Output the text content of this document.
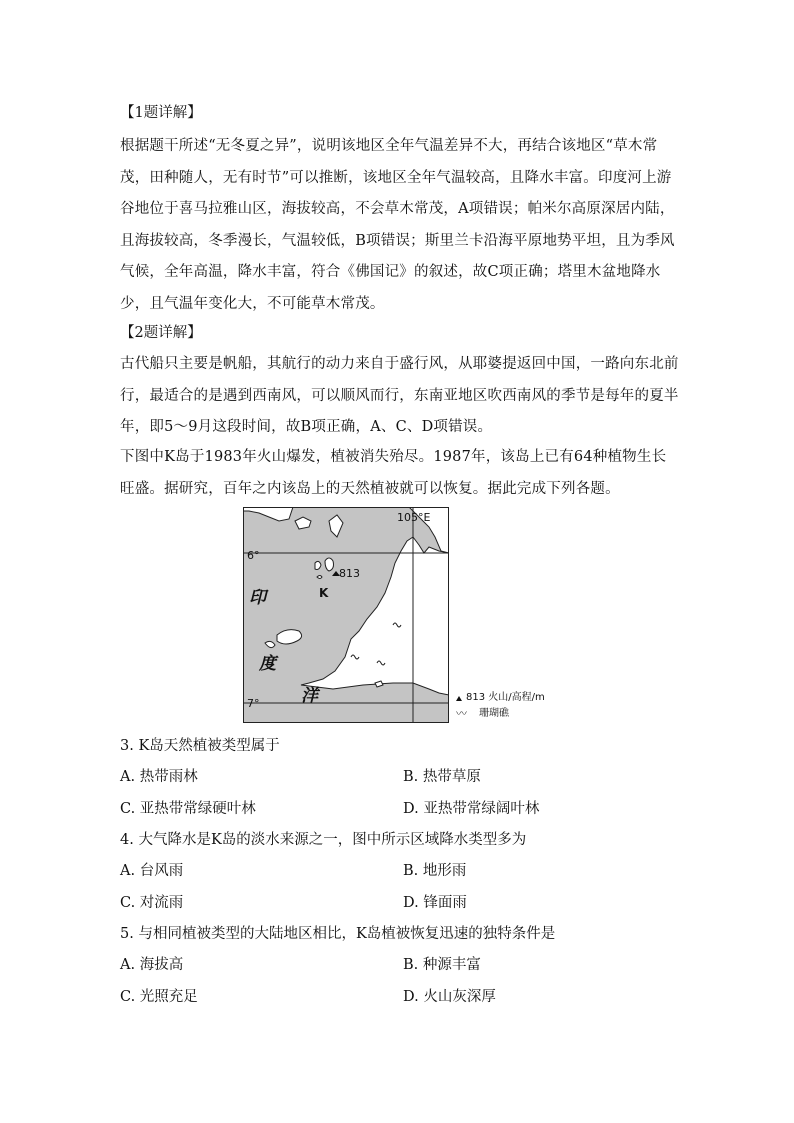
【1题详解】
根据题干所述“无冬夏之异”，说明该地区全年气温差异不大，再结合该地区“草木常茂，田种随人，无有时节”可以推断，该地区全年气温较高，且降水丰富。印度河上游谷地位于喜马拉雅山区，海拔较高，不会草木常茂，A项错误；帕米尔高原深居内陆，且海拔较高，冬季漫长，气温较低，B项错误；斯里兰卡沿海平原地势平坦，且为季风气候，全年高温，降水丰富，符合《佛国记》的叙述，故C项正确；塔里木盆地降水少，且气温年变化大，不可能草木常茂。
【2题详解】
古代船只主要是帆船，其航行的动力来自于盛行风，从耶婆提返回中国，一路向东北前行，最适合的是遇到西南风，可以顺风而行，东南亚地区吹西南风的季节是每年的夏半年，即5～9月这段时间，故B项正确，A、C、D项错误。
下图中K岛于1983年火山爆发，植被消失殆尽。1987年，该岛上已有64种植物生长旺盛。据研究，百年之内该岛上的天然植被就可以恢复。据此完成下列各题。
105°E
6°
7°
813
K
印
度
洋	813 火山/高程/m
〰 珊瑚礁
3. K岛天然植被类型属于
A. 热带雨林	B. 热带草原
C. 亚热带常绿硬叶林	D. 亚热带常绿阔叶林
4. 大气降水是K岛的淡水来源之一，图中所示区域降水类型多为
A. 台风雨	B. 地形雨
C. 对流雨	D. 锋面雨
5. 与相同植被类型的大陆地区相比，K岛植被恢复迅速的独特条件是
A. 海拔高	B. 种源丰富
C. 光照充足	D. 火山灰深厚
